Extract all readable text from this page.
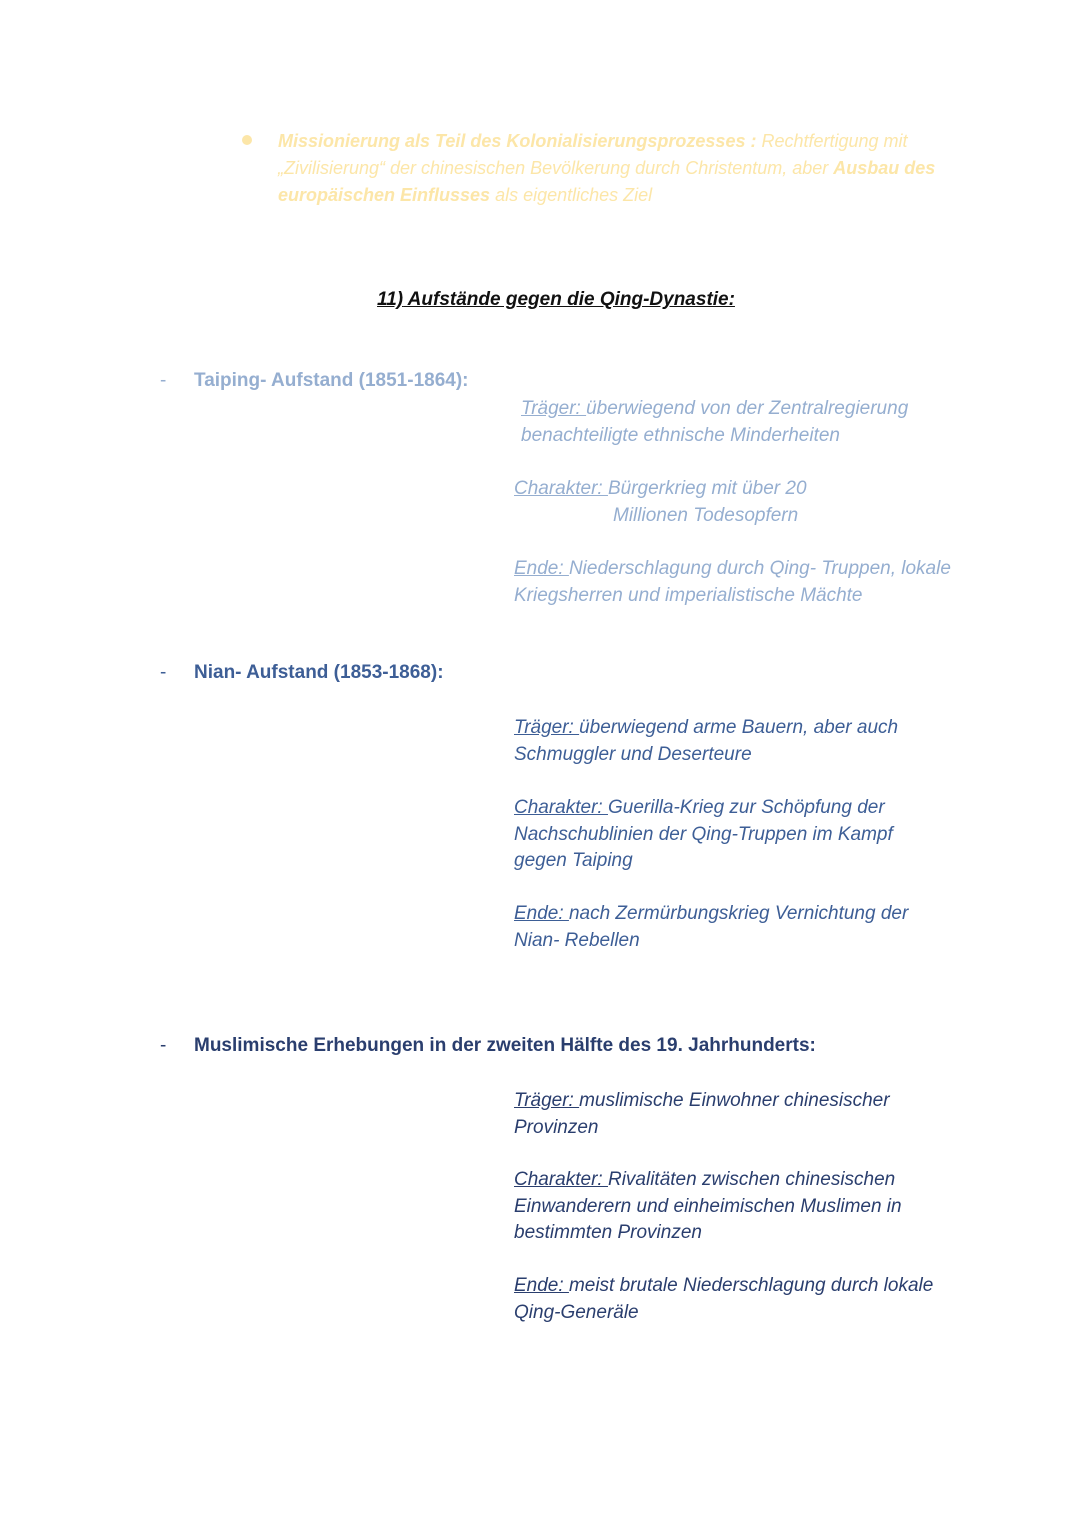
Missionierung als Teil des Kolonialisierungsprozesses : Rechtfertigung mit „Zivilisierung“ der chinesischen Bevölkerung durch Christentum, aber Ausbau des europäischen Einflusses als eigentliches Ziel
11) Aufstände gegen die Qing-Dynastie:
- Taiping- Aufstand (1851-1864):

Träger: überwiegend von der Zentralregierung benachteiligte ethnische Minderheiten

Charakter: Bürgerkrieg mit über 20

Millionen Todesopfern

Ende: Niederschlagung durch Qing- Truppen, lokale Kriegsherren und imperialistische Mächte

- Nian- Aufstand (1853-1868):

Träger: überwiegend arme Bauern, aber auch Schmuggler und Deserteure

Charakter: Guerilla-Krieg zur Schöpfung der Nachschublinien der Qing-Truppen im Kampf gegen Taiping

Ende: nach Zermürbungskrieg Vernichtung der Nian- Rebellen

- Muslimische Erhebungen in der zweiten Hälfte des 19. Jahrhunderts:

Träger: muslimische Einwohner chinesischer Provinzen

Charakter: Rivalitäten zwischen chinesischen Einwanderern und einheimischen Muslimen in bestimmten Provinzen

Ende: meist brutale Niederschlagung durch lokale Qing-Generäle
